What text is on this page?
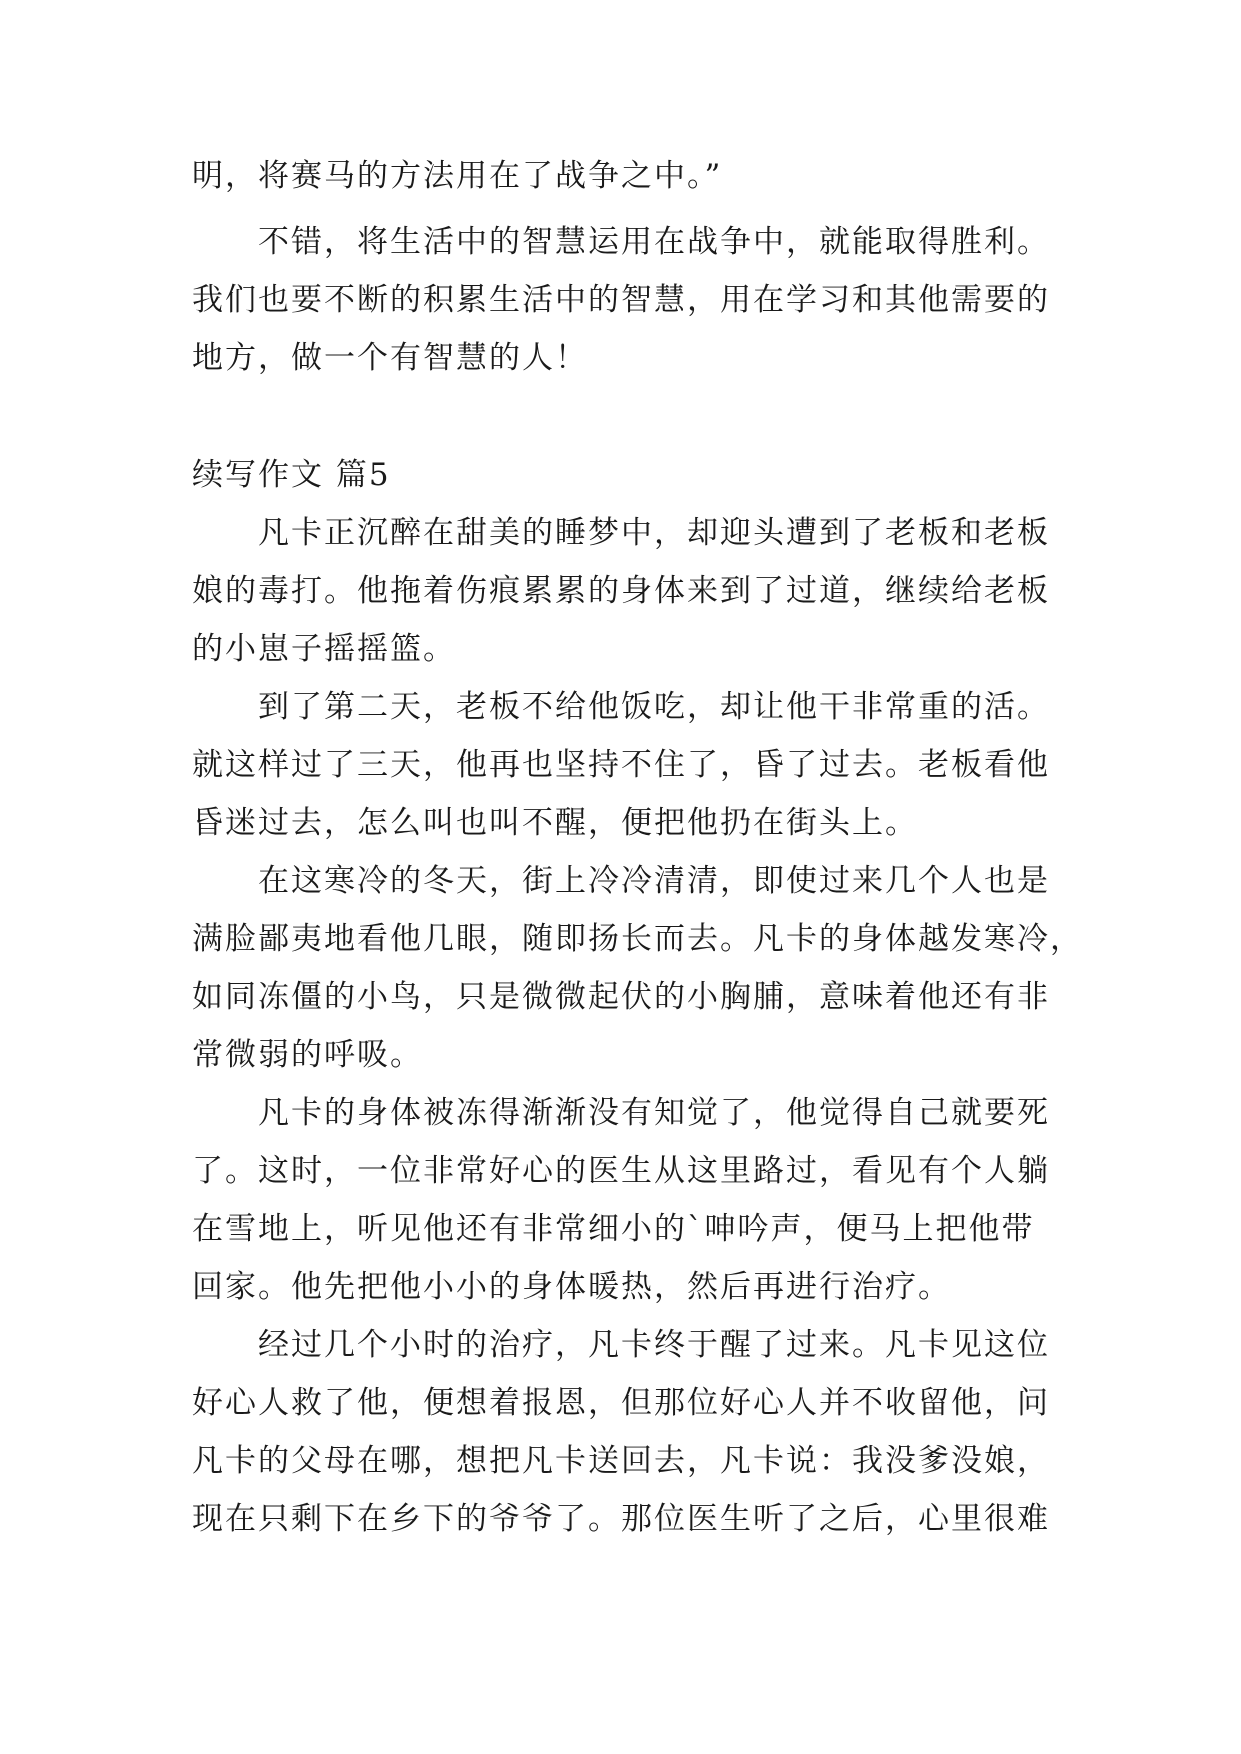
明，将赛马的方法用在了战争之中。”
不错，将生活中的智慧运用在战争中，就能取得胜利。
我们也要不断的积累生活中的智慧，用在学习和其他需要的
地方，做一个有智慧的人！
续写作文 篇5
凡卡正沉醉在甜美的睡梦中，却迎头遭到了老板和老板
娘的毒打。他拖着伤痕累累的身体来到了过道，继续给老板
的小崽子摇摇篮。
到了第二天，老板不给他饭吃，却让他干非常重的活。
就这样过了三天，他再也坚持不住了，昏了过去。老板看他
昏迷过去，怎么叫也叫不醒，便把他扔在街头上。
在这寒冷的冬天，街上冷冷清清，即使过来几个人也是
满脸鄙夷地看他几眼，随即扬长而去。凡卡的身体越发寒冷，
如同冻僵的小鸟，只是微微起伏的小胸脯，意味着他还有非
常微弱的呼吸。
凡卡的身体被冻得渐渐没有知觉了，他觉得自己就要死
了。这时，一位非常好心的医生从这里路过，看见有个人躺
在雪地上，听见他还有非常细小的`呻吟声，便马上把他带
回家。他先把他小小的身体暖热，然后再进行治疗。
经过几个小时的治疗，凡卡终于醒了过来。凡卡见这位
好心人救了他，便想着报恩，但那位好心人并不收留他，问
凡卡的父母在哪，想把凡卡送回去，凡卡说：我没爹没娘，
现在只剩下在乡下的爷爷了。那位医生听了之后，心里很难
